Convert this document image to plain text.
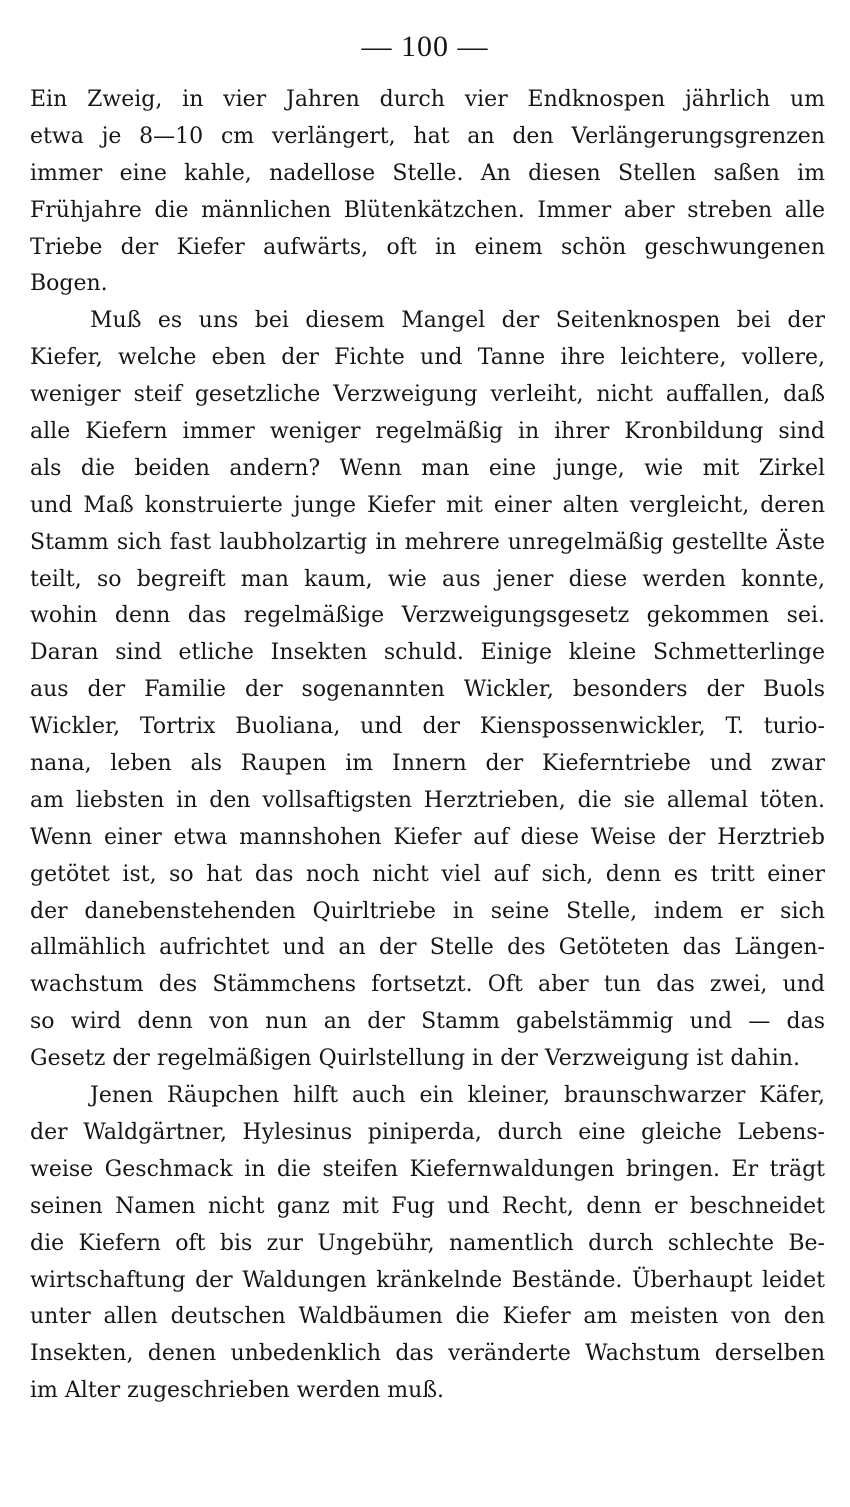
— 100 —
Ein Zweig, in vier Jahren durch vier Endknospen jährlich um
etwa je 8—10 cm verlängert, hat an den Verlängerungsgrenzen
immer eine kahle, nadellose Stelle. An diesen Stellen saßen im
Frühjahre die männlichen Blütenkätzchen. Immer aber streben alle
Triebe der Kiefer aufwärts, oft in einem schön geschwungenen
Bogen.
Muß es uns bei diesem Mangel der Seitenknospen bei der
Kiefer, welche eben der Fichte und Tanne ihre leichtere, vollere,
weniger steif gesetzliche Verzweigung verleiht, nicht auffallen, daß
alle Kiefern immer weniger regelmäßig in ihrer Kronbildung sind
als die beiden andern? Wenn man eine junge, wie mit Zirkel
und Maß konstruierte junge Kiefer mit einer alten vergleicht, deren
Stamm sich fast laubholzartig in mehrere unregelmäßig gestellte Äste
teilt, so begreift man kaum, wie aus jener diese werden konnte,
wohin denn das regelmäßige Verzweigungsgesetz gekommen sei.
Daran sind etliche Insekten schuld. Einige kleine Schmetterlinge
aus der Familie der sogenannten Wickler, besonders der Buols
Wickler, Tortrix Buoliana, und der Kienspossenwickler, T. turio-
nana, leben als Raupen im Innern der Kieferntriebe und zwar
am liebsten in den vollsaftigsten Herztrieben, die sie allemal töten.
Wenn einer etwa mannshohen Kiefer auf diese Weise der Herztrieb
getötet ist, so hat das noch nicht viel auf sich, denn es tritt einer
der danebenstehenden Quirltriebe in seine Stelle, indem er sich
allmählich aufrichtet und an der Stelle des Getöteten das Längen-
wachstum des Stämmchens fortsetzt. Oft aber tun das zwei, und
so wird denn von nun an der Stamm gabelstämmig und — das
Gesetz der regelmäßigen Quirlstellung in der Verzweigung ist dahin.
Jenen Räupchen hilft auch ein kleiner, braunschwarzer Käfer,
der Waldgärtner, Hylesinus piniperda, durch eine gleiche Lebens-
weise Geschmack in die steifen Kiefernwaldungen bringen. Er trägt
seinen Namen nicht ganz mit Fug und Recht, denn er beschneidet
die Kiefern oft bis zur Ungebühr, namentlich durch schlechte Be-
wirtschaftung der Waldungen kränkelnde Bestände. Überhaupt leidet
unter allen deutschen Waldbäumen die Kiefer am meisten von den
Insekten, denen unbedenklich das veränderte Wachstum derselben
im Alter zugeschrieben werden muß.
